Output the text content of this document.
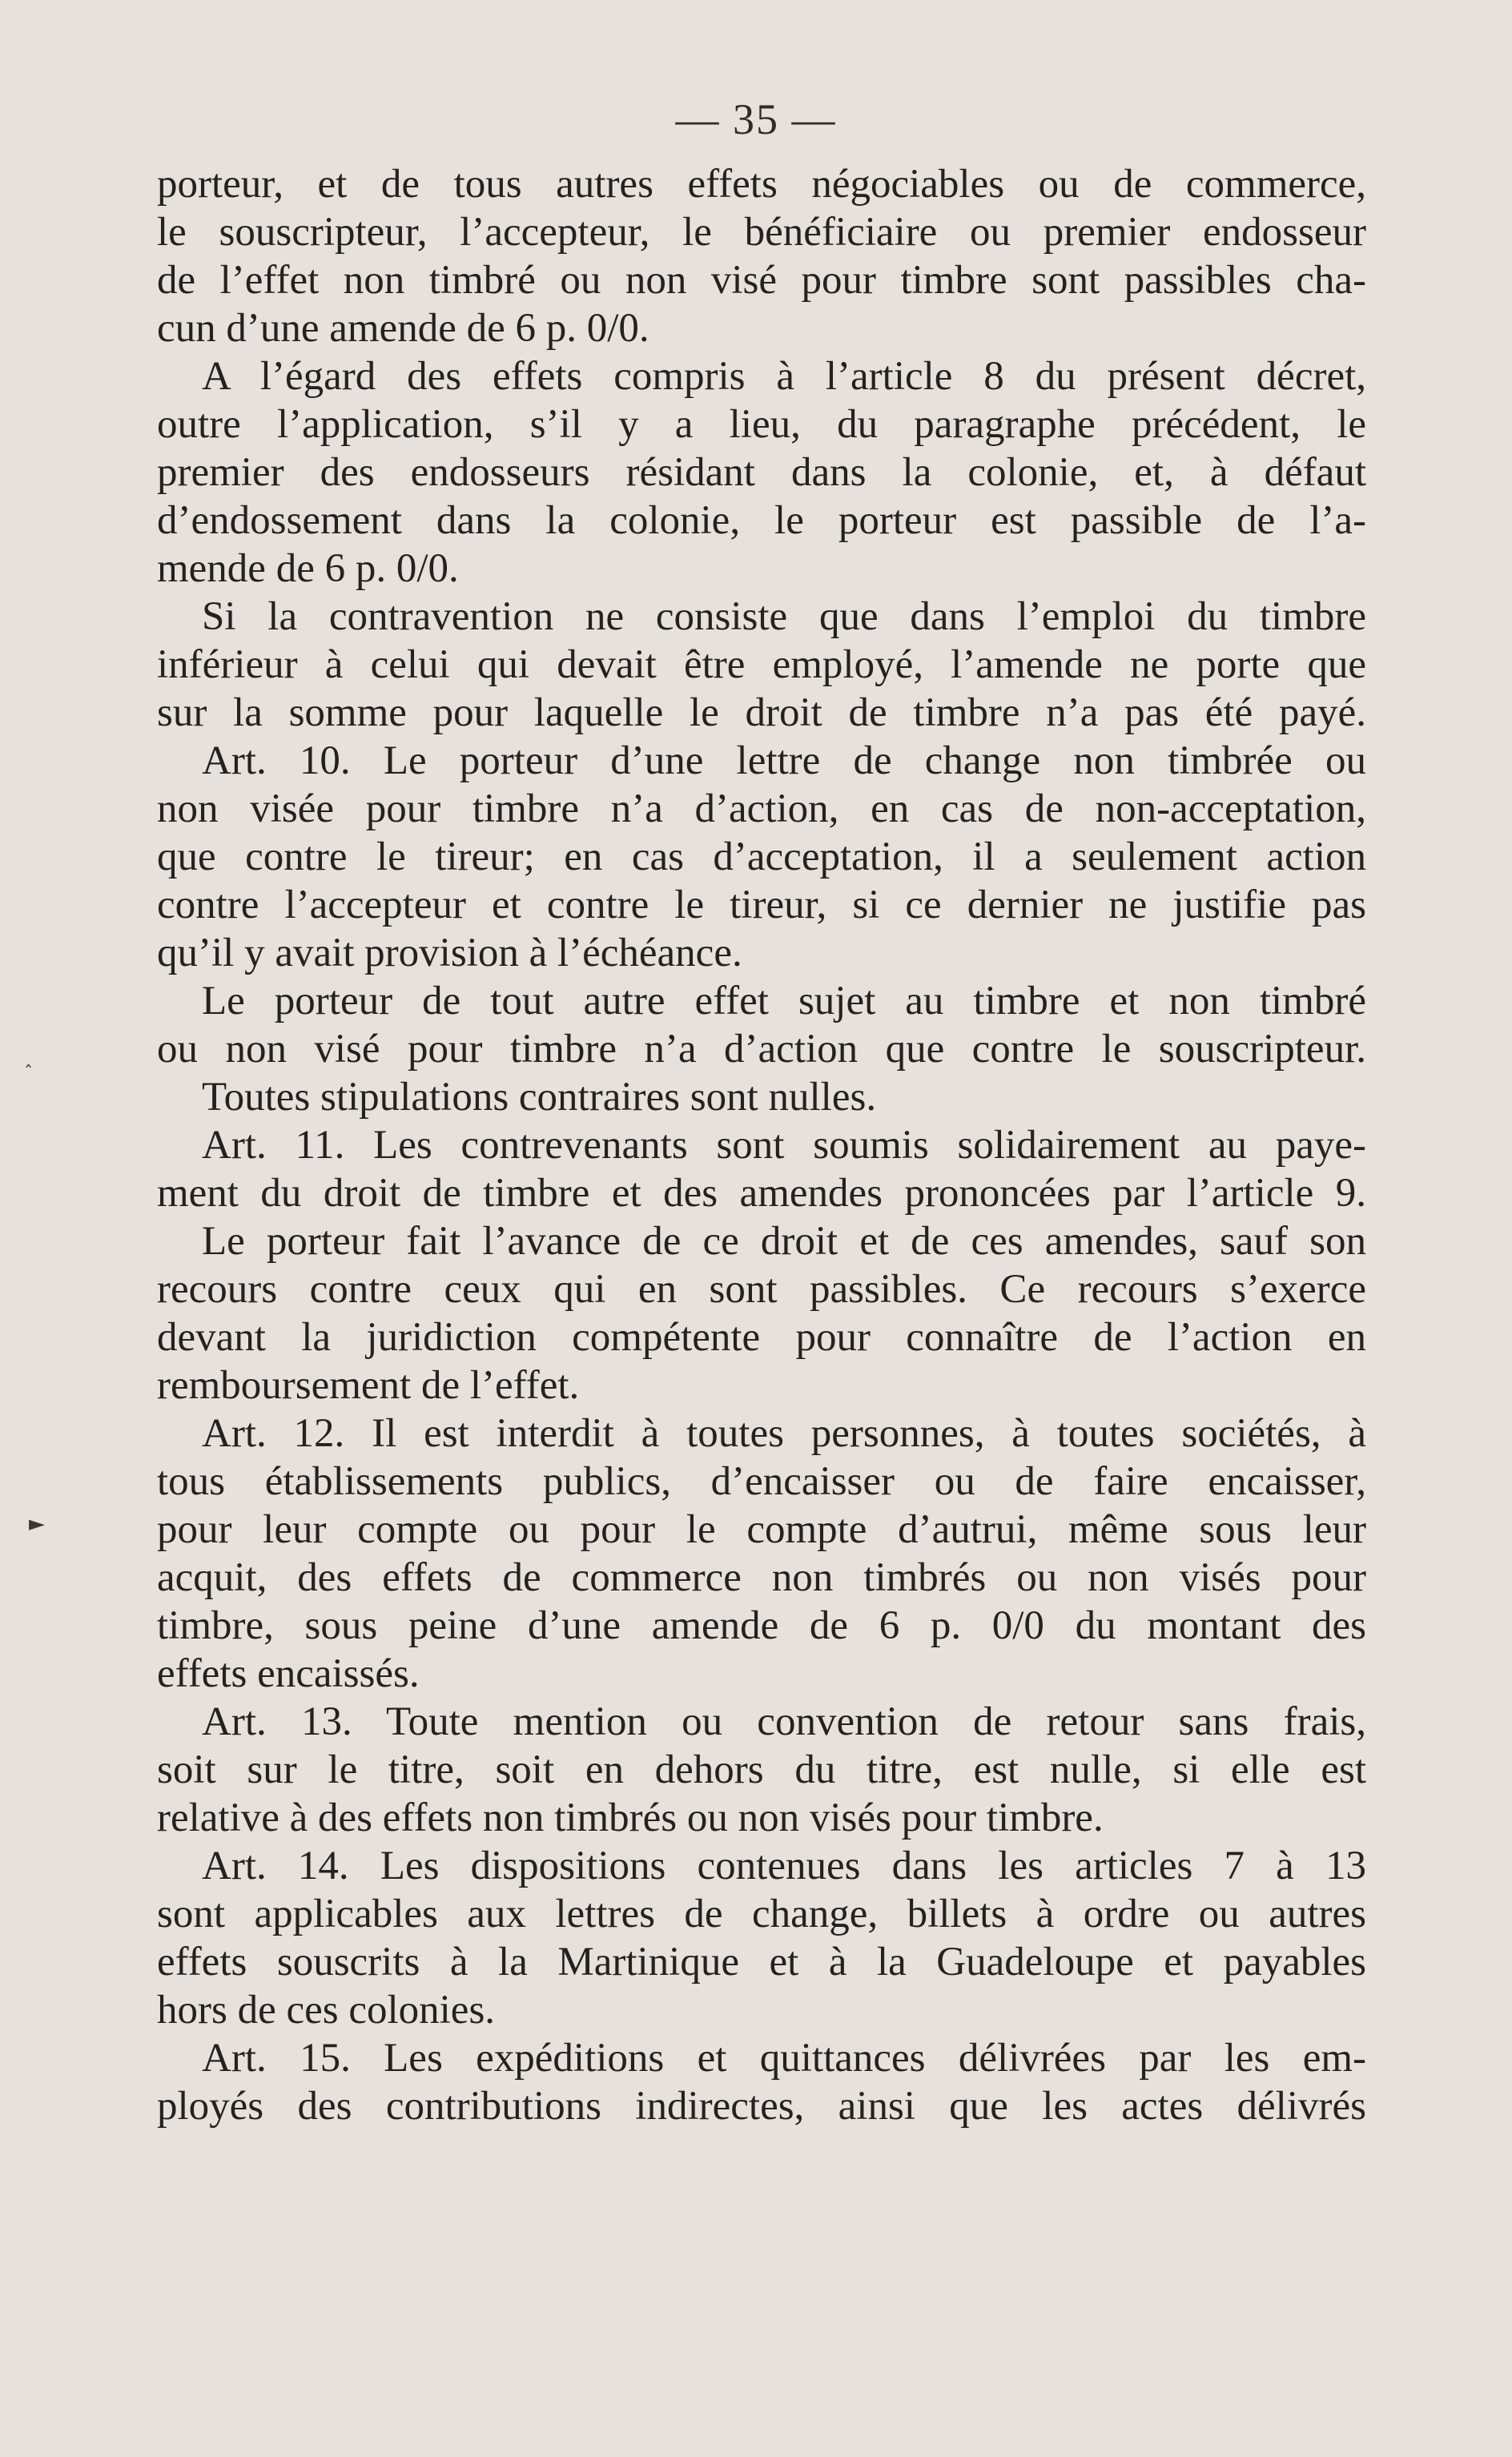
— 35 —
ˆ
►
porteur, et de tous autres effets négociables ou de commerce,
le souscripteur, l’accepteur, le bénéficiaire ou premier endosseur
de l’effet non timbré ou non visé pour timbre sont passibles cha-
cun d’une amende de 6 p. 0/0.
A l’égard des effets compris à l’article 8 du présent décret,
outre l’application, s’il y a lieu, du paragraphe précédent, le
premier des endosseurs résidant dans la colonie, et, à défaut
d’endossement dans la colonie, le porteur est passible de l’a-
mende de 6 p. 0/0.
Si la contravention ne consiste que dans l’emploi du timbre
inférieur à celui qui devait être employé, l’amende ne porte que
sur la somme pour laquelle le droit de timbre n’a pas été payé.
Art. 10. Le porteur d’une lettre de change non timbrée ou
non visée pour timbre n’a d’action, en cas de non-acceptation,
que contre le tireur; en cas d’acceptation, il a seulement action
contre l’accepteur et contre le tireur, si ce dernier ne justifie pas
qu’il y avait provision à l’échéance.
Le porteur de tout autre effet sujet au timbre et non timbré
ou non visé pour timbre n’a d’action que contre le souscripteur.
Toutes stipulations contraires sont nulles.
Art. 11. Les contrevenants sont soumis solidairement au paye-
ment du droit de timbre et des amendes prononcées par l’article 9.
Le porteur fait l’avance de ce droit et de ces amendes, sauf son
recours contre ceux qui en sont passibles. Ce recours s’exerce
devant la juridiction compétente pour connaître de l’action en
remboursement de l’effet.
Art. 12. Il est interdit à toutes personnes, à toutes sociétés, à
tous établissements publics, d’encaisser ou de faire encaisser,
pour leur compte ou pour le compte d’autrui, même sous leur
acquit, des effets de commerce non timbrés ou non visés pour
timbre, sous peine d’une amende de 6 p. 0/0 du montant des
effets encaissés.
Art. 13. Toute mention ou convention de retour sans frais,
soit sur le titre, soit en dehors du titre, est nulle, si elle est
relative à des effets non timbrés ou non visés pour timbre.
Art. 14. Les dispositions contenues dans les articles 7 à 13
sont applicables aux lettres de change, billets à ordre ou autres
effets souscrits à la Martinique et à la Guadeloupe et payables
hors de ces colonies.
Art. 15. Les expéditions et quittances délivrées par les em-
ployés des contributions indirectes, ainsi que les actes délivrés
